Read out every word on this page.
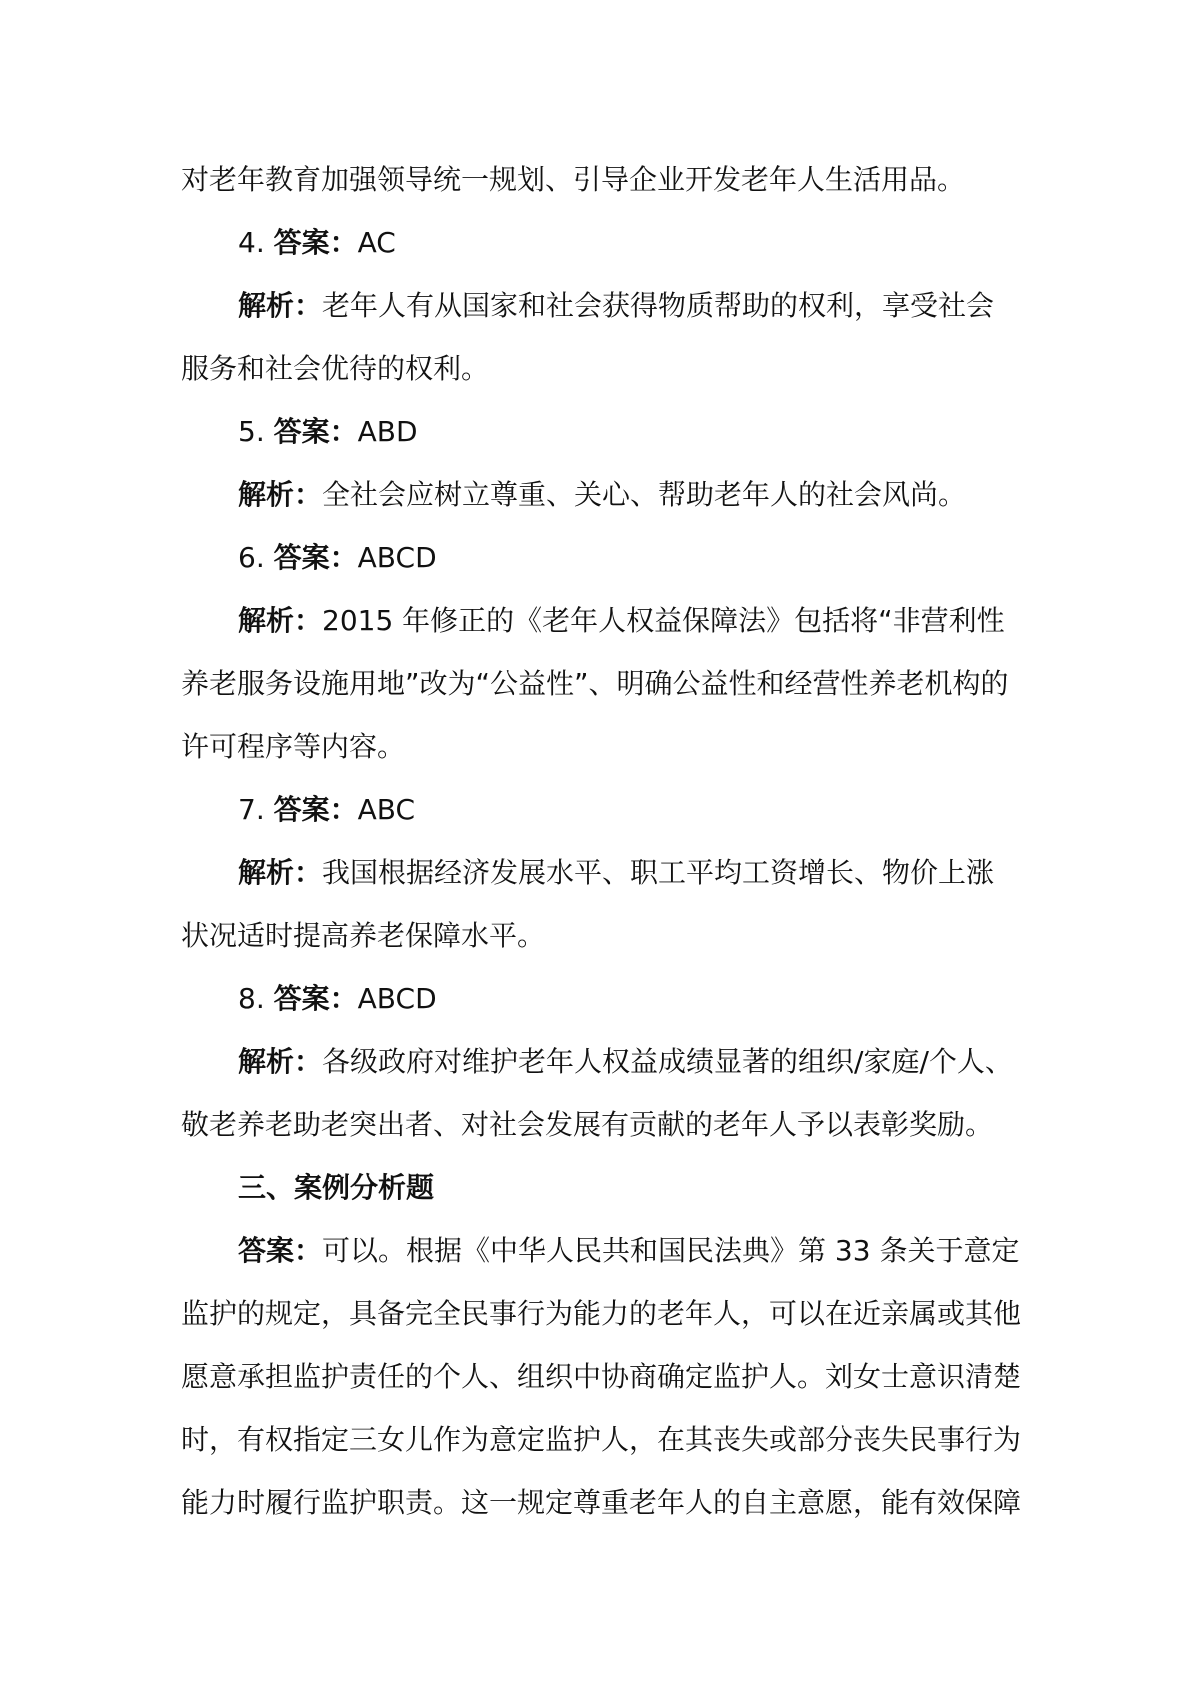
对老年教育加强领导统一规划、引导企业开发老年人生活用品。

4. 答案：AC

解析：老年人有从国家和社会获得物质帮助的权利，享受社会服务和社会优待的权利。

5. 答案：ABD

解析：全社会应树立尊重、关心、帮助老年人的社会风尚。

6. 答案：ABCD

解析：2015 年修正的《老年人权益保障法》包括将“非营利性养老服务设施用地”改为“公益性”、明确公益性和经营性养老机构的许可程序等内容。

7. 答案：ABC

解析：我国根据经济发展水平、职工平均工资增长、物价上涨状况适时提高养老保障水平。

8. 答案：ABCD

解析：各级政府对维护老年人权益成绩显著的组织/家庭/个人、敬老养老助老突出者、对社会发展有贡献的老年人予以表彰奖励。

三、案例分析题

答案：可以。根据《中华人民共和国民法典》第 33 条关于意定监护的规定，具备完全民事行为能力的老年人，可以在近亲属或其他愿意承担监护责任的个人、组织中协商确定监护人。刘女士意识清楚时，有权指定三女儿作为意定监护人，在其丧失或部分丧失民事行为能力时履行监护职责。这一规定尊重老年人的自主意愿，能有效保障
